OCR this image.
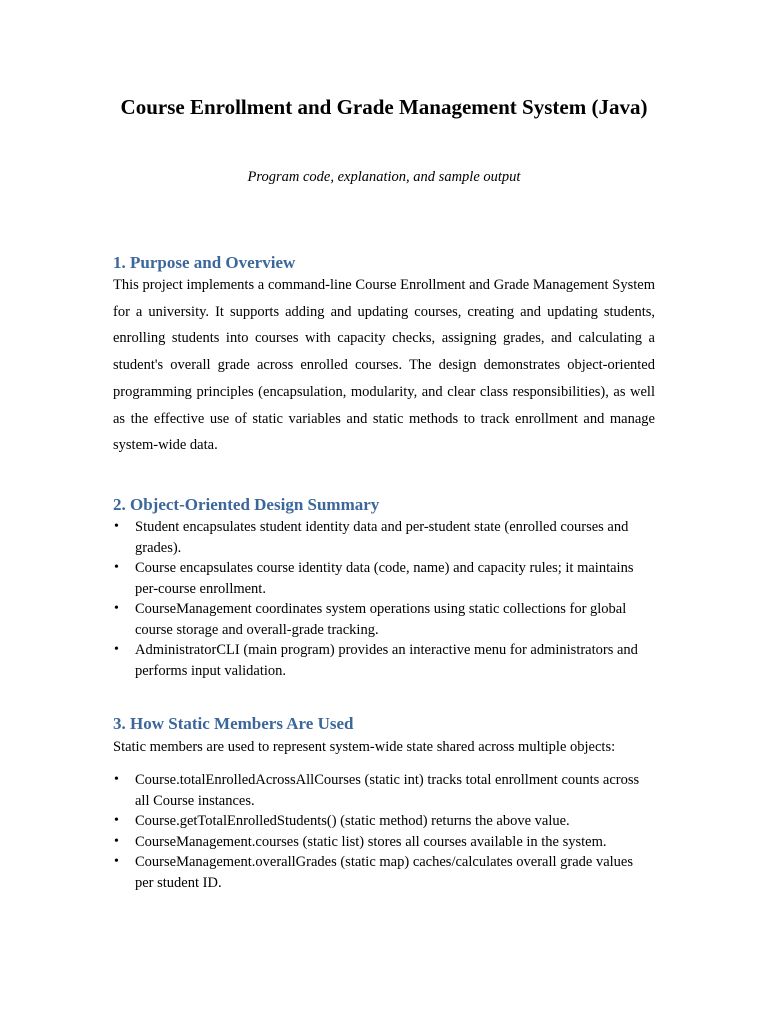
Course Enrollment and Grade Management System (Java)

Program code, explanation, and sample output

1. Purpose and Overview

This project implements a command-line Course Enrollment and Grade Management System for a university. It supports adding and updating courses, creating and updating students, enrolling students into courses with capacity checks, assigning grades, and calculating a student's overall grade across enrolled courses. The design demonstrates object-oriented programming principles (encapsulation, modularity, and clear class responsibilities), as well as the effective use of static variables and static methods to track enrollment and manage system-wide data.

2. Object-Oriented Design Summary
• Student encapsulates student identity data and per-student state (enrolled courses and grades).
• Course encapsulates course identity data (code, name) and capacity rules; it maintains per-course enrollment.
• CourseManagement coordinates system operations using static collections for global course storage and overall-grade tracking.
• AdministratorCLI (main program) provides an interactive menu for administrators and performs input validation.
3. How Static Members Are Used

Static members are used to represent system-wide state shared across multiple objects:

• Course.totalEnrolledAcrossAllCourses (static int) tracks total enrollment counts across all Course instances.
• Course.getTotalEnrolledStudents() (static method) returns the above value.
• CourseManagement.courses (static list) stores all courses available in the system.
• CourseManagement.overallGrades (static map) caches/calculates overall grade values per student ID.
